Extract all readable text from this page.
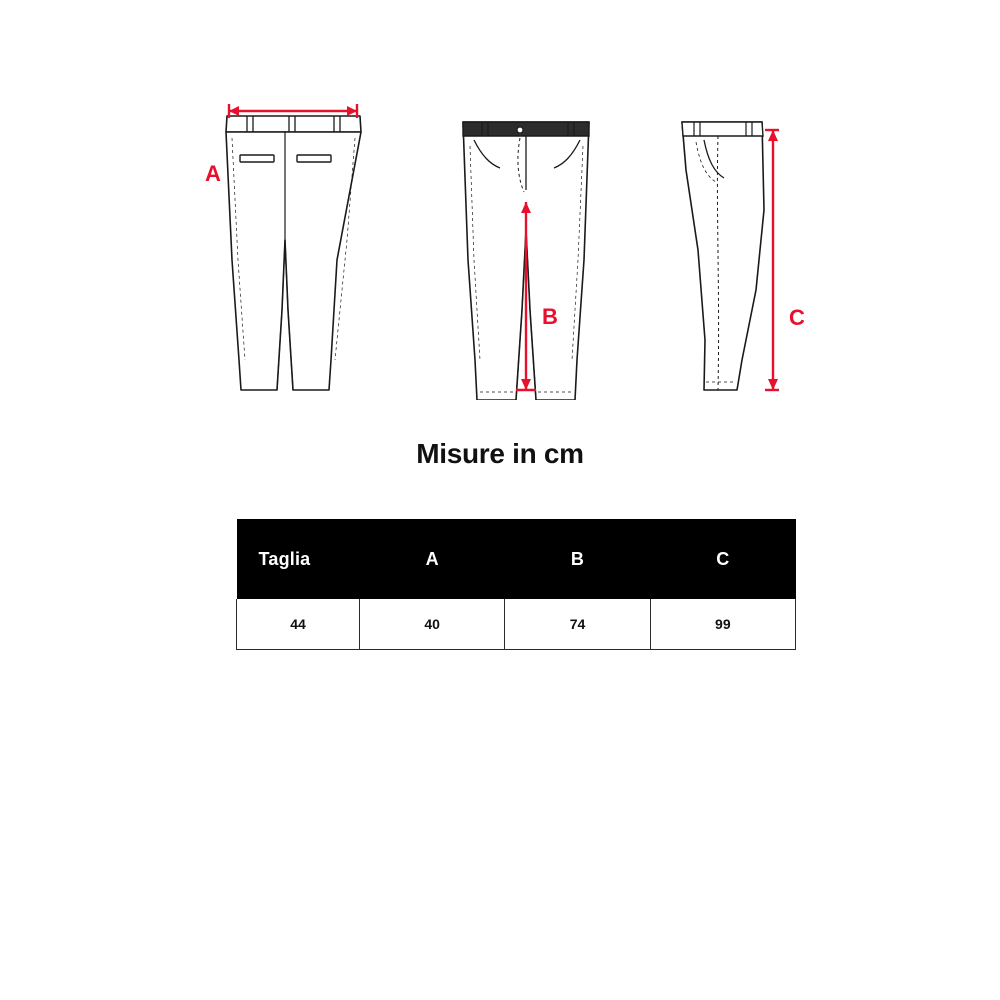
A
B	C
Misure in cm
Taglia	A	B	C
44	40	74	99
